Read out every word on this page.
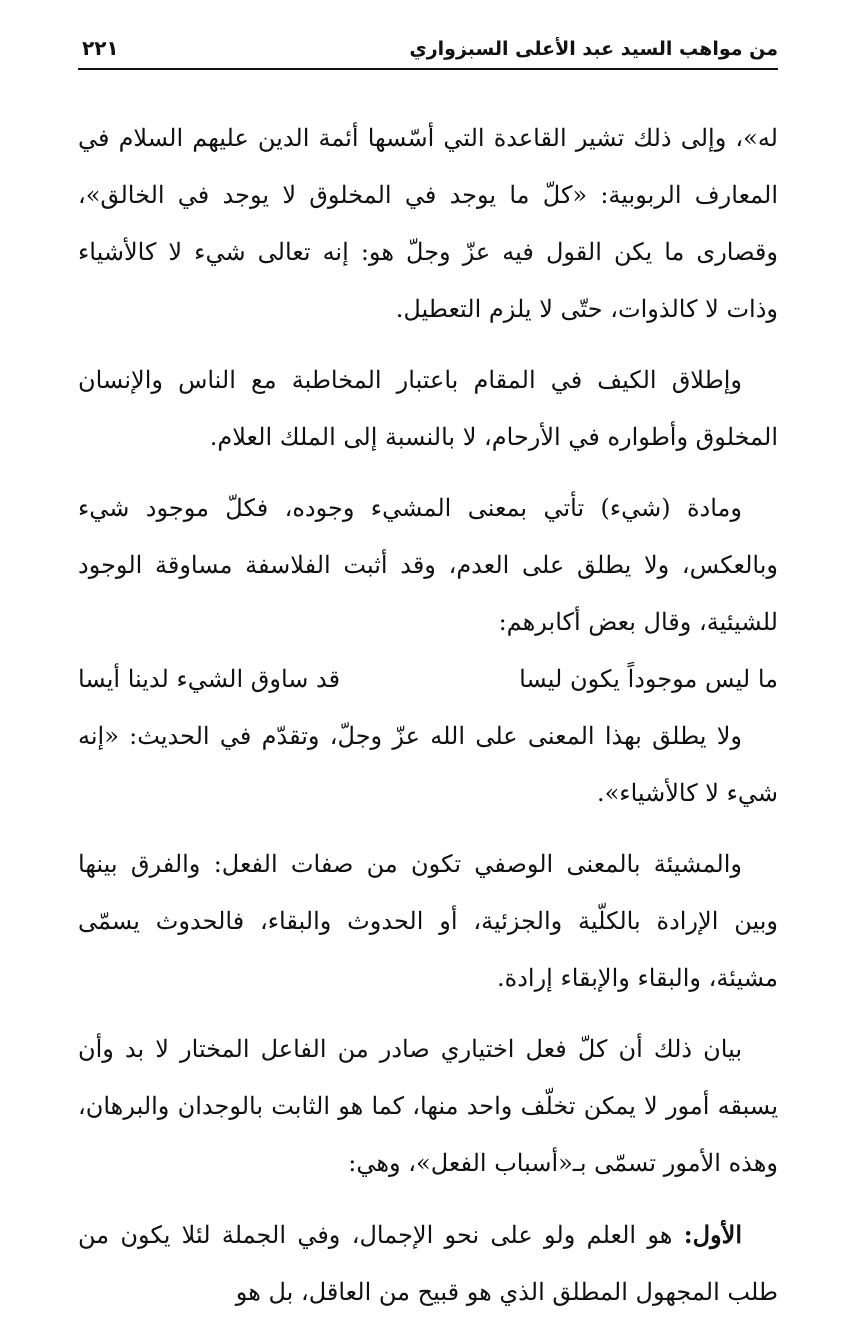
من مواهب السيد عبد الأعلى السبزواري
٢٢١

له»، وإلى ذلك تشير القاعدة التي أسّسها أئمة الدين عليهم السلام في المعارف الربوبية: «كلّ ما يوجد في المخلوق لا يوجد في الخالق»، وقصارى ما يكن القول فيه عزّ وجلّ هو: إنه تعالى شيء لا كالأشياء وذات لا كالذوات، حتّى لا يلزم التعطيل.

وإطلاق الكيف في المقام باعتبار المخاطبة مع الناس والإنسان المخلوق وأطواره في الأرحام، لا بالنسبة إلى الملك العلام.

ومادة (شيء) تأتي بمعنى المشيء وجوده، فكلّ موجود شيء وبالعكس، ولا يطلق على العدم، وقد أثبت الفلاسفة مساوقة الوجود للشيئية، وقال بعض أكابرهم:

ما ليس موجوداً يكون ليسا
قد ساوق الشيء لدينا أيسا

ولا يطلق بهذا المعنى على الله عزّ وجلّ، وتقدّم في الحديث: «إنه شيء لا كالأشياء».

والمشيئة بالمعنى الوصفي تكون من صفات الفعل: والفرق بينها وبين الإرادة بالكلّية والجزئية، أو الحدوث والبقاء، فالحدوث يسمّى مشيئة، والبقاء والإبقاء إرادة.

بيان ذلك أن كلّ فعل اختياري صادر من الفاعل المختار لا بد وأن يسبقه أمور لا يمكن تخلّف واحد منها، كما هو الثابت بالوجدان والبرهان، وهذه الأمور تسمّى بـ«أسباب الفعل»، وهي:

الأول: هو العلم ولو على نحو الإجمال، وفي الجملة لئلا يكون من طلب المجهول المطلق الذي هو قبيح من العاقل، بل هو
